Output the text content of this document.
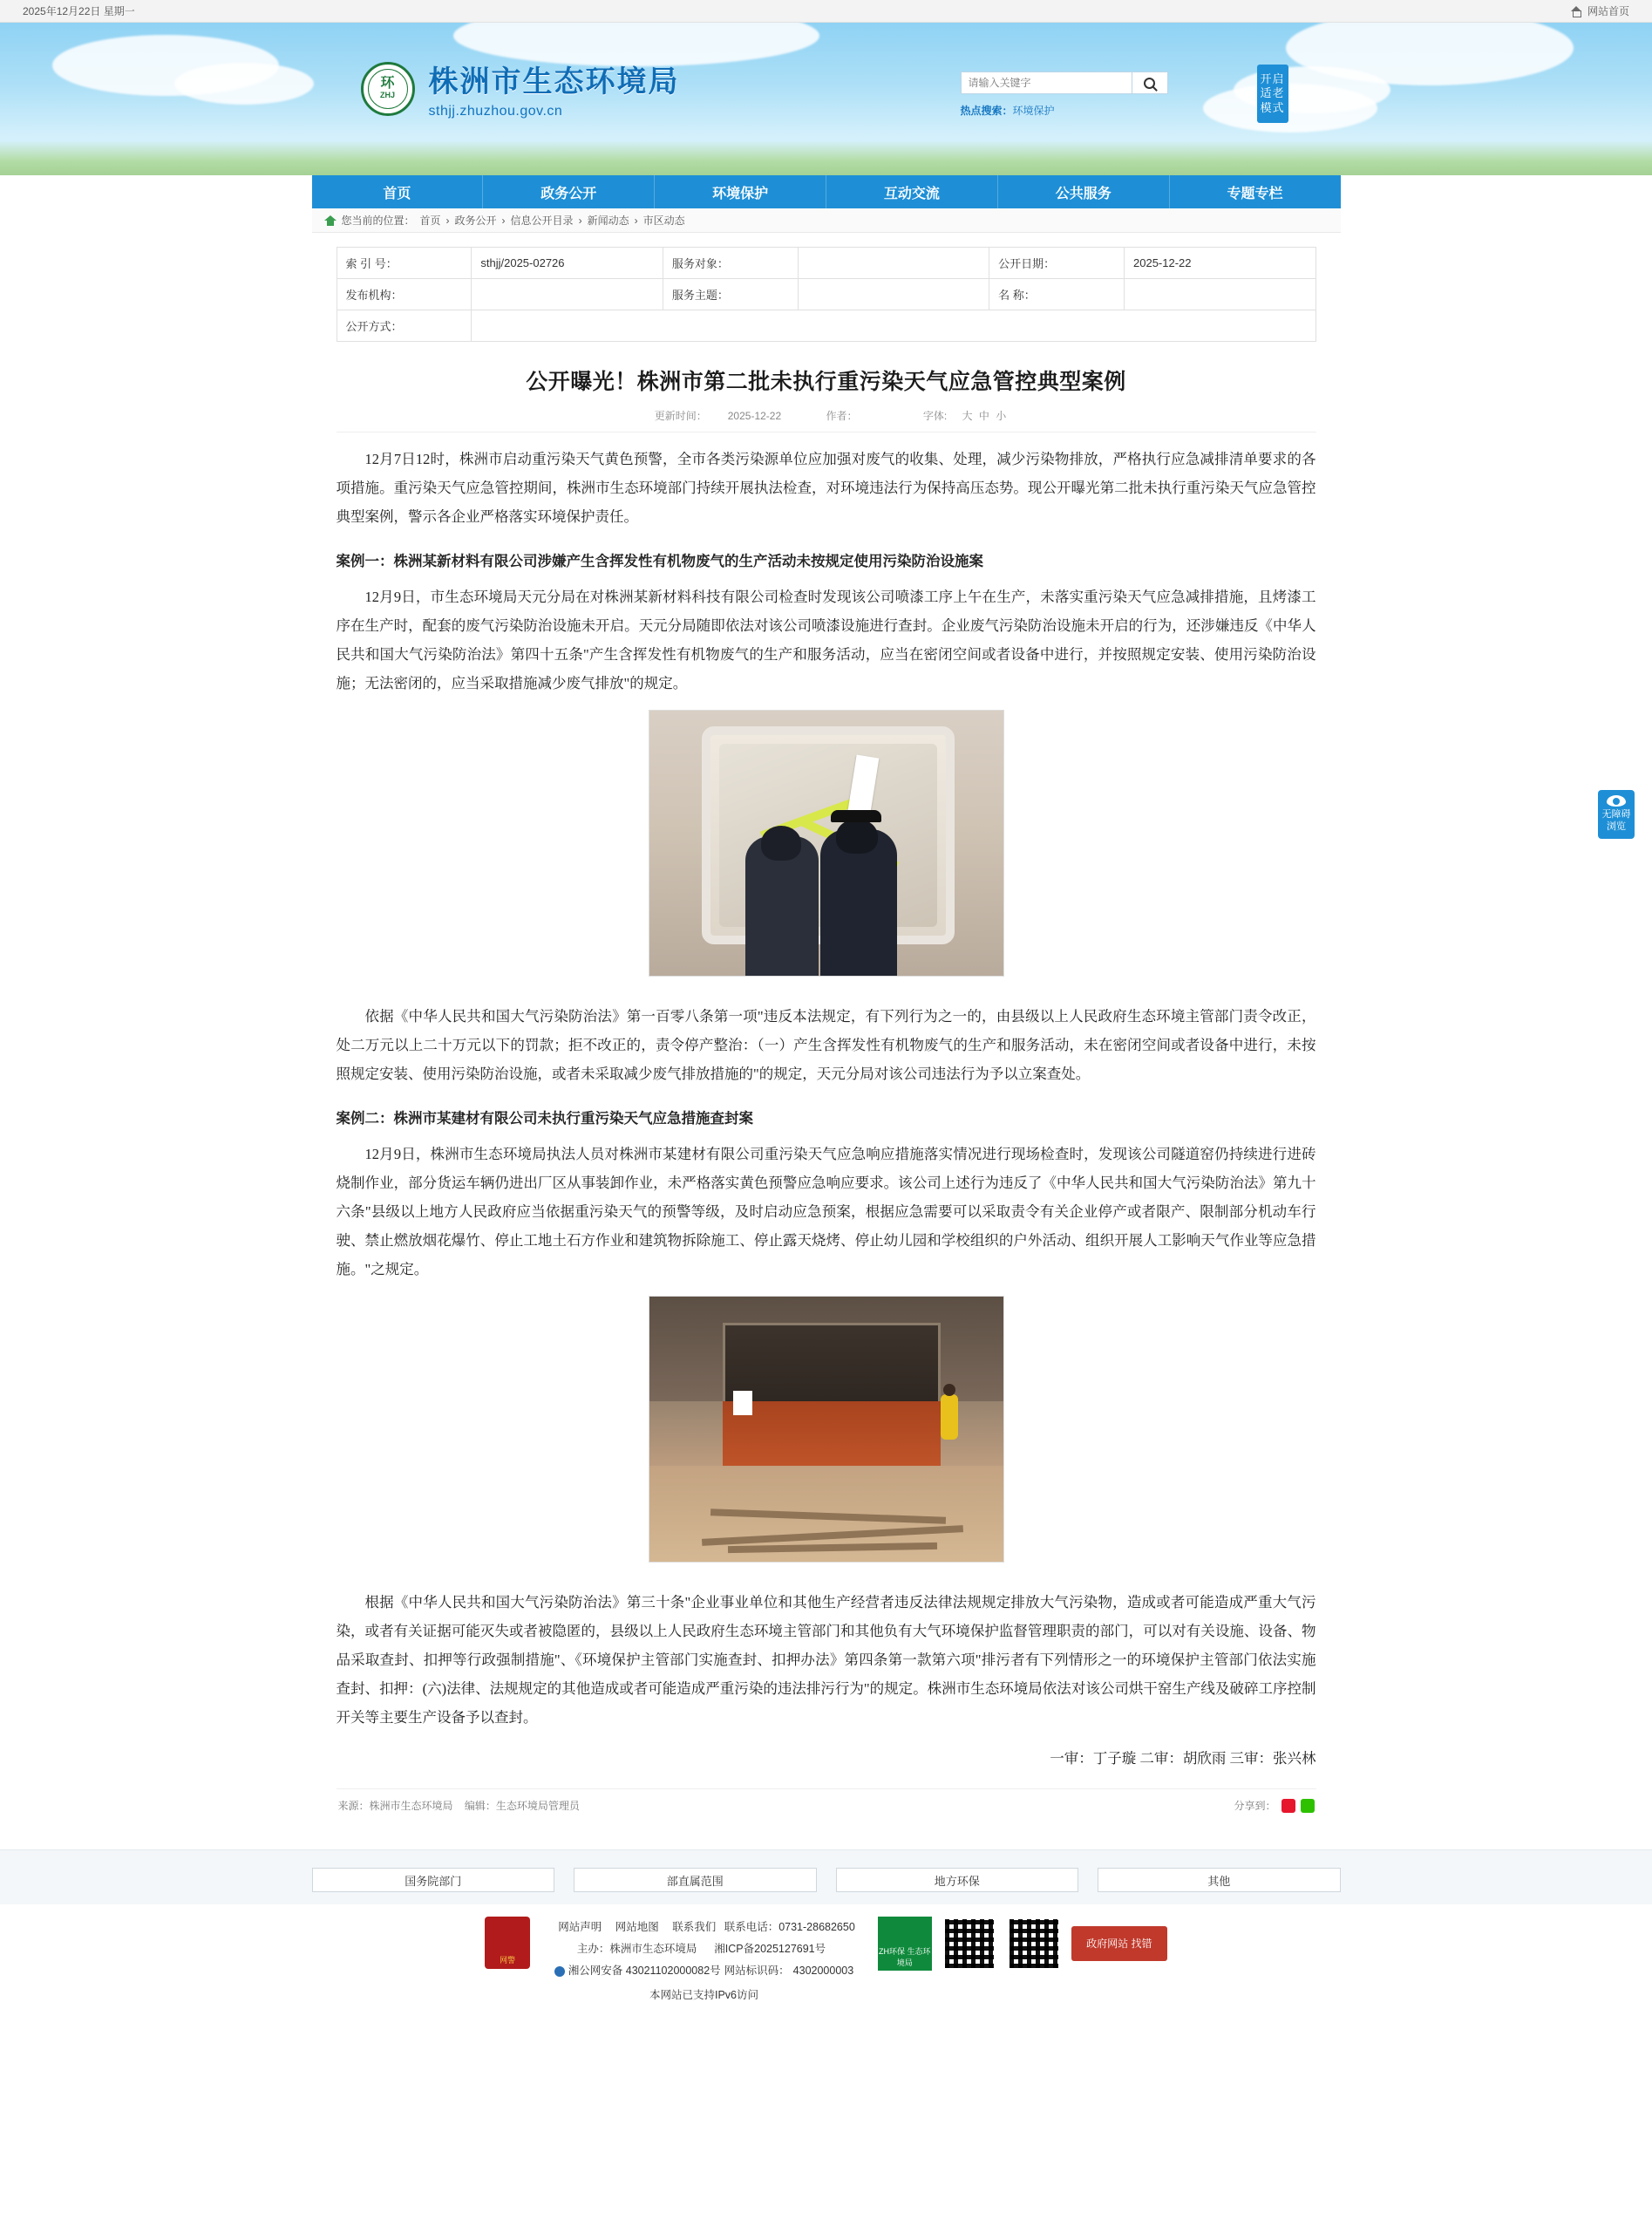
2025年12月22日 星期一	网站首页
环
ZHJ 株洲市生态环境局
sthjj.zhuzhou.gov.cn
请输入关键字	热点搜索：环境保护
开启适老模式
首页	政务公开	环境保护	互动交流	公共服务	专题专栏
您当前的位置： 首页 › 政务公开 › 信息公开目录 › 新闻动态 › 市区动态
索 引 号：	sthjj/2025-02726	服务对象：		公开日期：	2025-12-22
发布机构：		服务主题：		名 称：	
公开方式：					
公开曝光！株洲市第二批未执行重污染天气应急管控典型案例
更新时间： 2025-12-22	作者：	字体: 大 中 小

12月7日12时，株洲市启动重污染天气黄色预警，全市各类污染源单位应加强对废气的收集、处理，减少污染物排放，严格执行应急减排清单要求的各项措施。重污染天气应急管控期间，株洲市生态环境部门持续开展执法检查，对环境违法行为保持高压态势。现公开曝光第二批未执行重污染天气应急管控典型案例，警示各企业严格落实环境保护责任。

案例一：株洲某新材料有限公司涉嫌产生含挥发性有机物废气的生产活动未按规定使用污染防治设施案

12月9日，市生态环境局天元分局在对株洲某新材料科技有限公司检查时发现该公司喷漆工序上午在生产，未落实重污染天气应急减排措施，且烤漆工序在生产时，配套的废气污染防治设施未开启。天元分局随即依法对该公司喷漆设施进行查封。企业废气污染防治设施未开启的行为，还涉嫌违反《中华人民共和国大气污染防治法》第四十五条"产生含挥发性有机物废气的生产和服务活动，应当在密闭空间或者设备中进行，并按照规定安装、使用污染防治设施；无法密闭的，应当采取措施减少废气排放"的规定。

依据《中华人民共和国大气污染防治法》第一百零八条第一项"违反本法规定，有下列行为之一的，由县级以上人民政府生态环境主管部门责令改正，处二万元以上二十万元以下的罚款；拒不改正的，责令停产整治：（一）产生含挥发性有机物废气的生产和服务活动，未在密闭空间或者设备中进行，未按照规定安装、使用污染防治设施，或者未采取减少废气排放措施的"的规定，天元分局对该公司违法行为予以立案查处。

案例二：株洲市某建材有限公司未执行重污染天气应急措施查封案

12月9日，株洲市生态环境局执法人员对株洲市某建材有限公司重污染天气应急响应措施落实情况进行现场检查时，发现该公司隧道窑仍持续进行进砖烧制作业，部分货运车辆仍进出厂区从事装卸作业，未严格落实黄色预警应急响应要求。该公司上述行为违反了《中华人民共和国大气污染防治法》第九十六条"县级以上地方人民政府应当依据重污染天气的预警等级，及时启动应急预案，根据应急需要可以采取责令有关企业停产或者限产、限制部分机动车行驶、禁止燃放烟花爆竹、停止工地土石方作业和建筑物拆除施工、停止露天烧烤、停止幼儿园和学校组织的户外活动、组织开展人工影响天气作业等应急措施。"之规定。

根据《中华人民共和国大气污染防治法》第三十条"企业事业单位和其他生产经营者违反法律法规规定排放大气污染物，造成或者可能造成严重大气污染，或者有关证据可能灭失或者被隐匿的，县级以上人民政府生态环境主管部门和其他负有大气环境保护监督管理职责的部门，可以对有关设施、设备、物品采取查封、扣押等行政强制措施"、《环境保护主管部门实施查封、扣押办法》第四条第一款第六项"排污者有下列情形之一的环境保护主管部门依法实施查封、扣押：(六)法律、法规规定的其他造成或者可能造成严重污染的违法排污行为"的规定。株洲市生态环境局依法对该公司烘干窑生产线及破碎工序控制开关等主要生产设备予以查封。

一审：丁子璇 二审：胡欣雨 三审：张兴林

来源：株洲市生态环境局 编辑：生态环境局管理员	分享到：
无障碍浏览
国务院部门	部直属范围	地方环保	其他
网警
网站声明 网站地图 联系我们 联系电话：0731-28682650
主办：株洲市生态环境局 湘ICP备2025127691号
湘公网安备 43021102000082号 网站标识码： 4302000003
本网站已支持IPv6访问
ZH环保 生态环境局
政府网站 找错
